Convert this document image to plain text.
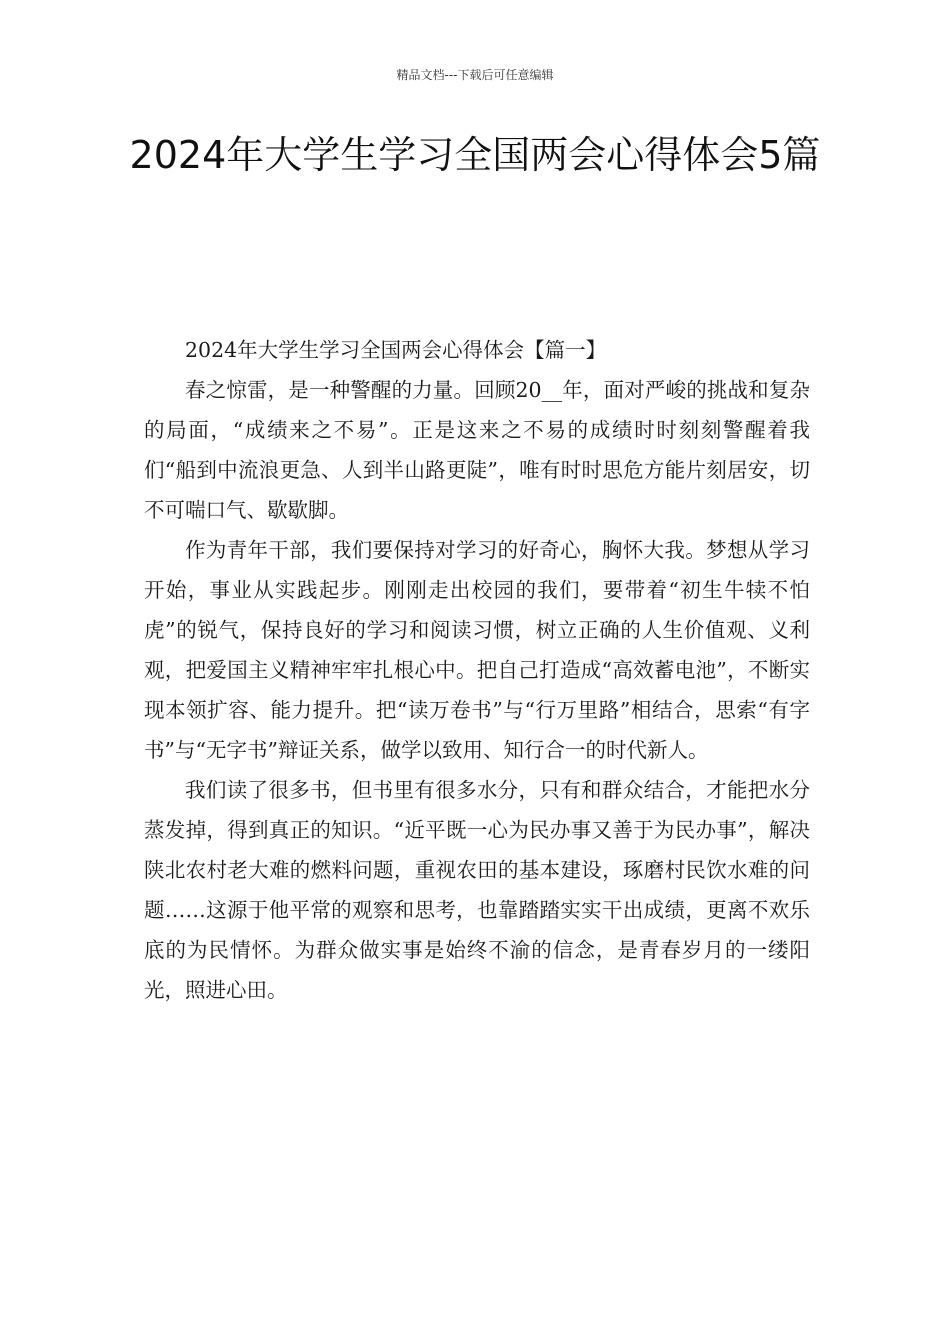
精品文档---下载后可任意编辑
2024年大学生学习全国两会心得体会5篇

2024年大学生学习全国两会心得体会【篇一】

春之惊雷，是一种警醒的力量。回顾20__年，面对严峻的挑战和复杂的局面，“成绩来之不易”。正是这来之不易的成绩时时刻刻警醒着我们“船到中流浪更急、人到半山路更陡”，唯有时时思危方能片刻居安，切不可喘口气、歇歇脚。

作为青年干部，我们要保持对学习的好奇心，胸怀大我。梦想从学习开始，事业从实践起步。刚刚走出校园的我们，要带着“初生牛犊不怕虎”的锐气，保持良好的学习和阅读习惯，树立正确的人生价值观、义利观，把爱国主义精神牢牢扎根心中。把自己打造成“高效蓄电池”，不断实现本领扩容、能力提升。把“读万卷书”与“行万里路”相结合，思索“有字书”与“无字书”辩证关系，做学以致用、知行合一的时代新人。

我们读了很多书，但书里有很多水分，只有和群众结合，才能把水分蒸发掉，得到真正的知识。“近平既一心为民办事又善于为民办事”，解决陕北农村老大难的燃料问题，重视农田的基本建设，琢磨村民饮水难的问题……这源于他平常的观察和思考，也靠踏踏实实干出成绩，更离不欢乐底的为民情怀。为群众做实事是始终不渝的信念，是青春岁月的一缕阳光，照进心田。
